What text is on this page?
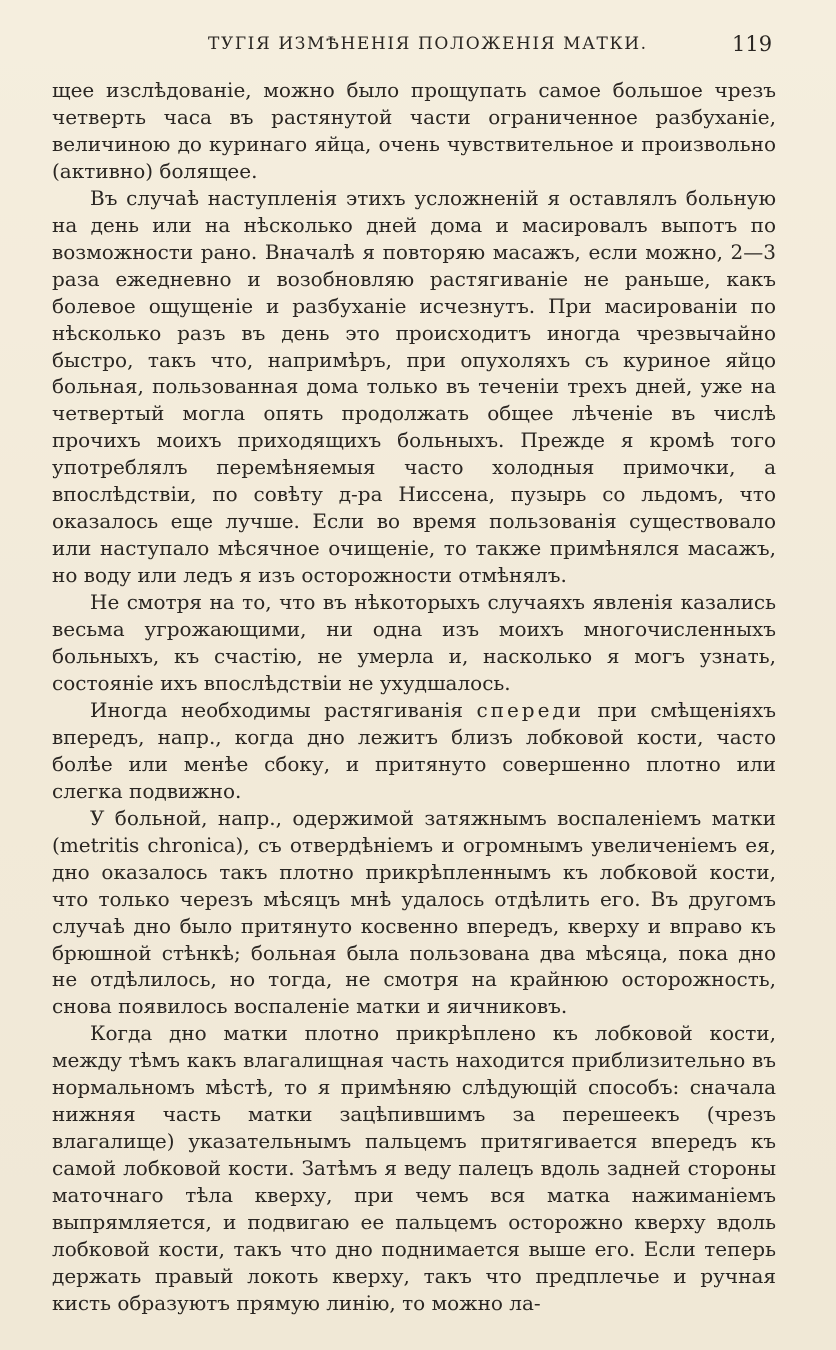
ТУГІЯ ИЗМѢНЕНІЯ ПОЛОЖЕНІЯ МАТКИ.	119

щее изслѣдованіе, можно было прощупать самое большое чрезъ четверть часа въ растянутой части ограниченное разбуханіе, величиною до куринаго яйца, очень чувствительное и произвольно (активно) болящее.

Въ случаѣ наступленія этихъ усложненій я оставлялъ больную на день или на нѣсколько дней дома и масировалъ выпотъ по возможности рано. Вначалѣ я повторяю масажъ, если можно, 2—3 раза ежедневно и возобновляю растягиваніе не раньше, какъ болевое ощущеніе и разбуханіе исчезнутъ. При масированіи по нѣсколько разъ въ день это происходитъ иногда чрезвычайно быстро, такъ что, напримѣръ, при опухоляхъ съ куриное яйцо больная, пользованная дома только въ теченіи трехъ дней, уже на четвертый могла опять продолжать общее лѣченіе въ числѣ прочихъ моихъ приходящихъ больныхъ. Прежде я кромѣ того употреблялъ перемѣняемыя часто холодныя примочки, а впослѣдствіи, по совѣту д-ра Ниссена, пузырь со льдомъ, что оказалось еще лучше. Если во время пользованія существовало или наступало мѣсячное очищеніе, то также примѣнялся масажъ, но воду или ледъ я изъ осторожности отмѣнялъ.

Не смотря на то, что въ нѣкоторыхъ случаяхъ явленія казались весьма угрожающими, ни одна изъ моихъ многочисленныхъ больныхъ, къ счастію, не умерла и, насколько я могъ узнать, состояніе ихъ впослѣдствіи не ухудшалось.

Иногда необходимы растягиванія спереди при смѣщеніяхъ впередъ, напр., когда дно лежитъ близъ лобковой кости, часто болѣе или менѣе сбоку, и притянуто совершенно плотно или слегка подвижно.

У больной, напр., одержимой затяжнымъ воспаленіемъ матки (metritis chronica), съ отвердѣніемъ и огромнымъ увеличеніемъ ея, дно оказалось такъ плотно прикрѣпленнымъ къ лобковой кости, что только черезъ мѣсяцъ мнѣ удалось отдѣлить его. Въ другомъ случаѣ дно было притянуто косвенно впередъ, кверху и вправо къ брюшной стѣнкѣ; больная была пользована два мѣсяца, пока дно не отдѣлилось, но тогда, не смотря на крайнюю осторожность, снова появилось воспаленіе матки и яичниковъ.

Когда дно матки плотно прикрѣплено къ лобковой кости, между тѣмъ какъ влагалищная часть находится приблизительно въ нормальномъ мѣстѣ, то я примѣняю слѣдующій способъ: сначала нижняя часть матки зацѣпившимъ за перешеекъ (чрезъ влагалище) указательнымъ пальцемъ притягивается впередъ къ самой лобковой кости. Затѣмъ я веду палецъ вдоль задней стороны маточнаго тѣла кверху, при чемъ вся матка нажиманіемъ выпрямляется, и подвигаю ее пальцемъ осторожно кверху вдоль лобковой кости, такъ что дно поднимается выше его. Если теперь держать правый локоть кверху, такъ что предплечье и ручная кисть образуютъ прямую линію, то можно ла-
